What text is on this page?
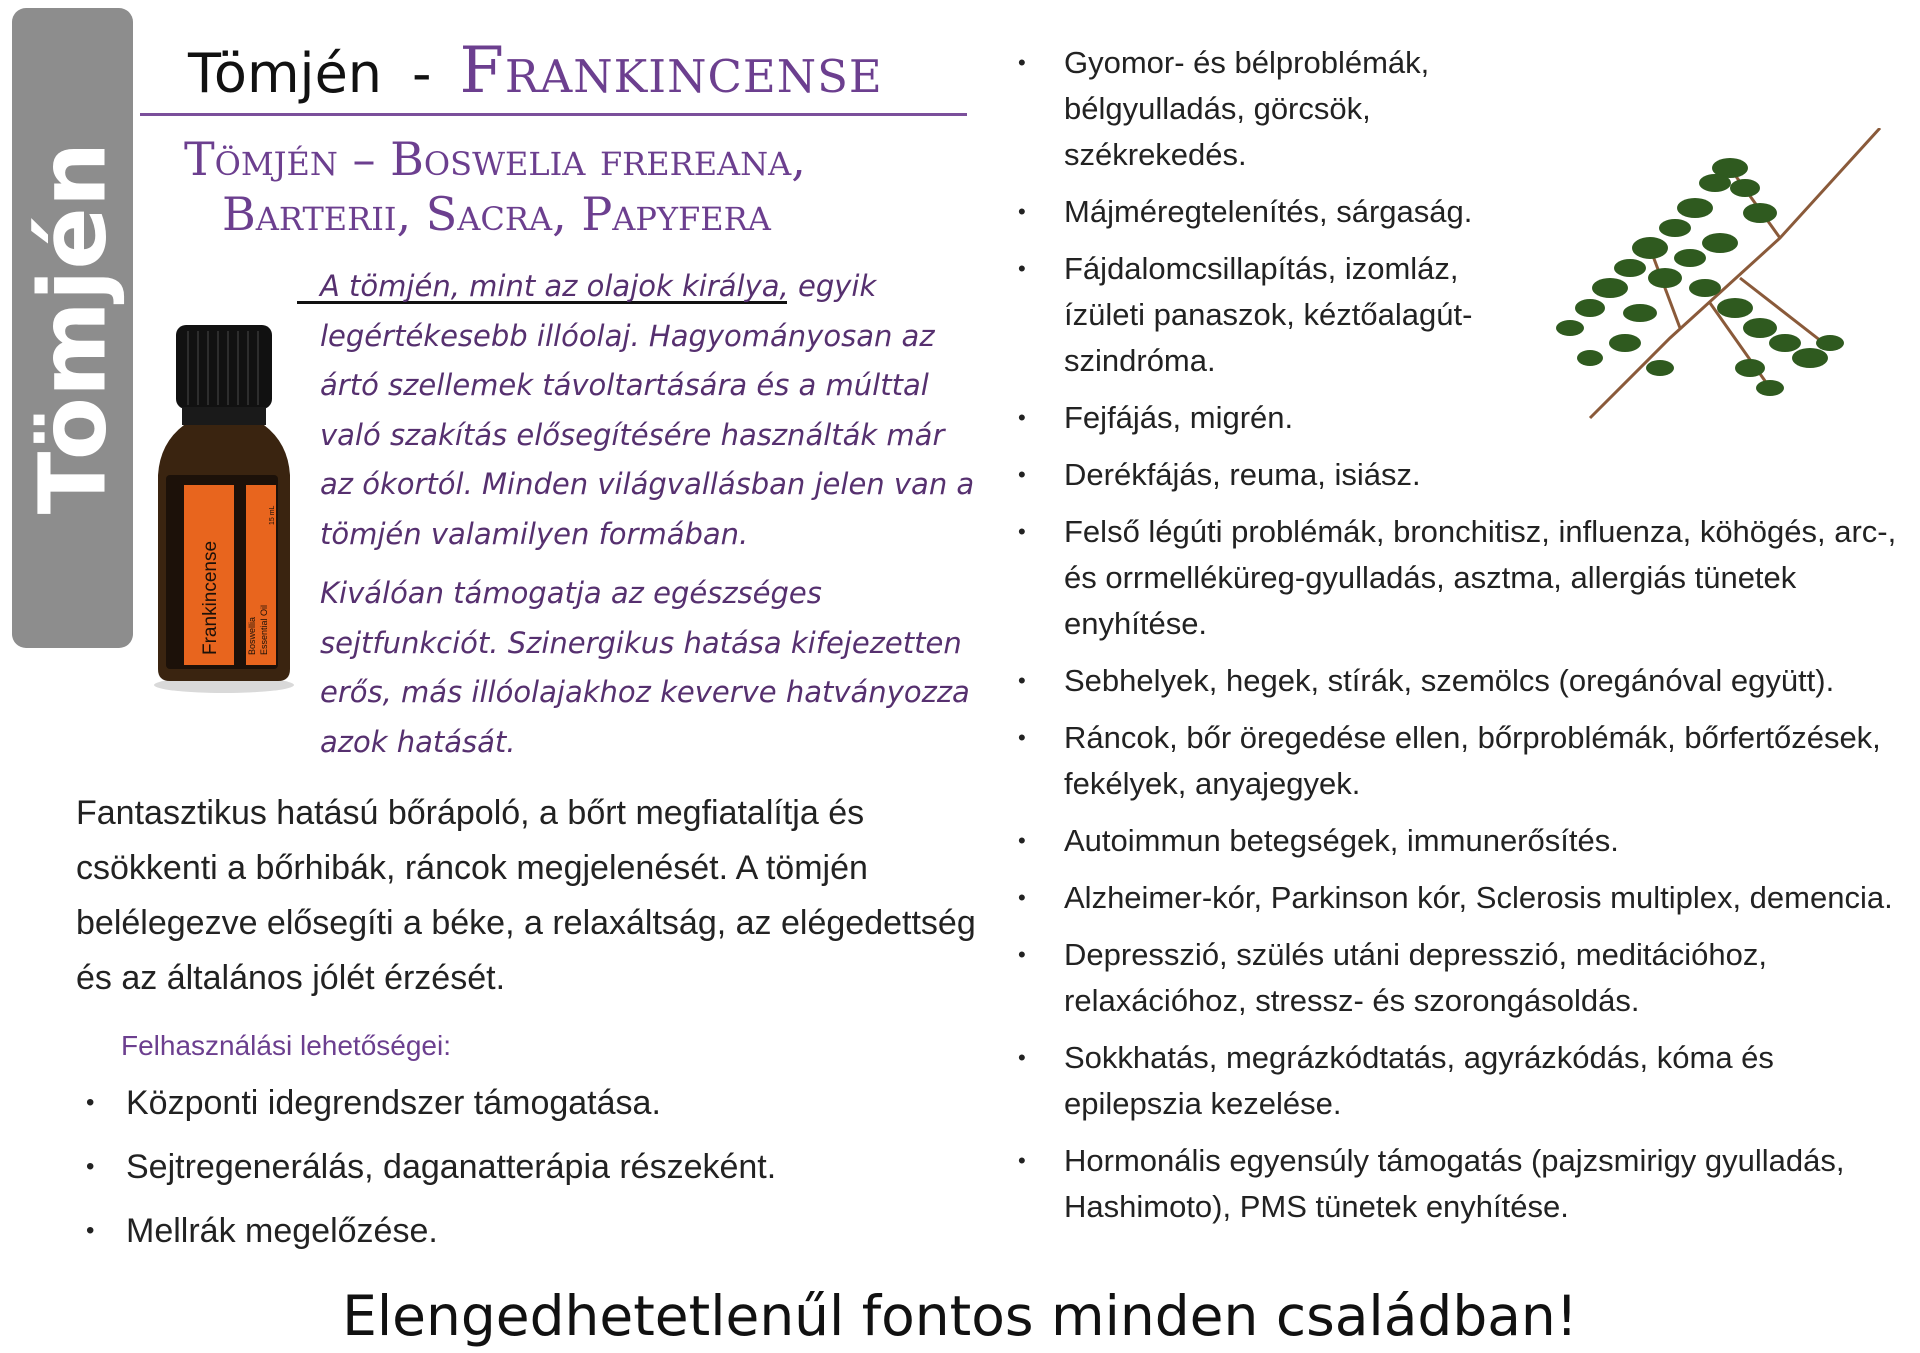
Tömjén
Tömjén - Frankincense
Tömjén – Boswelia frereana,
Barterii, Sacra, Papyfera
Frankincense	Boswellia Essential Oil
15 mL

A tömjén, mint az olajok királya, egyik legértékesebb illóolaj. Hagyományosan az ártó szellemek távoltartására és a múlttal való szakítás elősegítésére használták már az ókortól. Minden világvallásban jelen van a tömjén valamilyen formában.

Kiválóan támogatja az egészséges sejtfunkciót. Szinergikus hatása kifejezetten erős, más illóolajakhoz keverve hatványozza azok hatását.

Fantasztikus hatású bőrápoló, a bőrt megfiatalítja és csökkenti a bőrhibák, ráncok megjelenését. A tömjén belélegezve elősegíti a béke, a relaxáltság, az elégedettség és az általános jólét érzését.
Felhasználási lehetőségei:
• Központi idegrendszer támogatása.
• Sejtregenerálás, daganatterápia részeként.
• Mellrák megelőzése.
• Gyomor- és bélproblémák, bélgyulladás, görcsök, székrekedés.
• Májméregtelenítés, sárgaság.
• Fájdalomcsillapítás, izomláz, ízületi panaszok, kéztőalagút-szindróma.
• Fejfájás, migrén.
• Derékfájás, reuma, isiász.
• Felső légúti problémák, bronchitisz, influenza, köhögés, arc-, és orrmelléküreg-gyulladás, asztma, allergiás tünetek enyhítése.
• Sebhelyek, hegek, stírák, szemölcs (oregánóval együtt).
• Ráncok, bőr öregedése ellen, bőrproblémák, bőrfertőzések, fekélyek, anyajegyek.
• Autoimmun betegségek, immunerősítés.
• Alzheimer-kór, Parkinson kór, Sclerosis multiplex, demencia.
• Depresszió, szülés utáni depresszió, meditációhoz, relaxációhoz, stressz- és szorongásoldás.
• Sokkhatás, megrázkódtatás, agyrázkódás, kóma és epilepszia kezelése.
• Hormonális egyensúly támogatás (pajzsmirigy gyulladás, Hashimoto), PMS tünetek enyhítése.
Elengedhetetlenűl fontos minden családban!
